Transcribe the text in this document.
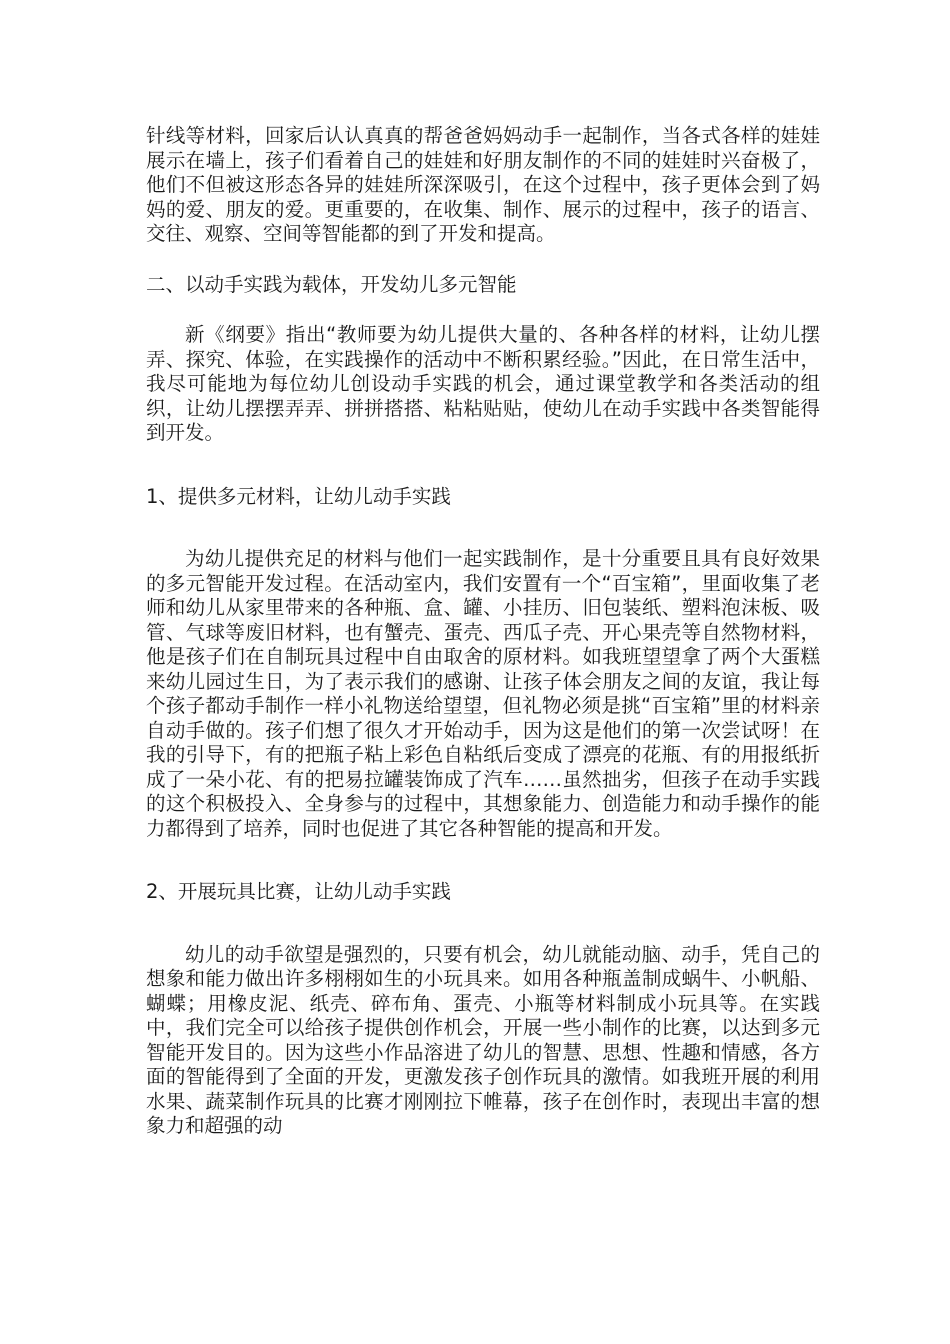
针线等材料，回家后认认真真的帮爸爸妈妈动手一起制作，当各式各样的娃娃展示在墙上，孩子们看着自己的娃娃和好朋友制作的不同的娃娃时兴奋极了，他们不但被这形态各异的娃娃所深深吸引，在这个过程中，孩子更体会到了妈妈的爱、朋友的爱。更重要的，在收集、制作、展示的过程中，孩子的语言、交往、观察、空间等智能都的到了开发和提高。

二、以动手实践为载体，开发幼儿多元智能

新《纲要》指出“教师要为幼儿提供大量的、各种各样的材料，让幼儿摆弄、探究、体验，在实践操作的活动中不断积累经验。”因此，在日常生活中，我尽可能地为每位幼儿创设动手实践的机会，通过课堂教学和各类活动的组织，让幼儿摆摆弄弄、拼拼搭搭、粘粘贴贴，使幼儿在动手实践中各类智能得到开发。

1、提供多元材料，让幼儿动手实践

为幼儿提供充足的材料与他们一起实践制作，是十分重要且具有良好效果的多元智能开发过程。在活动室内，我们安置有一个“百宝箱”，里面收集了老师和幼儿从家里带来的各种瓶、盒、罐、小挂历、旧包装纸、塑料泡沫板、吸管、气球等废旧材料，也有蟹壳、蛋壳、西瓜子壳、开心果壳等自然物材料，他是孩子们在自制玩具过程中自由取舍的原材料。如我班望望拿了两个大蛋糕来幼儿园过生日，为了表示我们的感谢、让孩子体会朋友之间的友谊，我让每个孩子都动手制作一样小礼物送给望望，但礼物必须是挑“百宝箱”里的材料亲自动手做的。孩子们想了很久才开始动手，因为这是他们的第一次尝试呀！在我的引导下，有的把瓶子粘上彩色自粘纸后变成了漂亮的花瓶、有的用报纸折成了一朵小花、有的把易拉罐装饰成了汽车……虽然拙劣，但孩子在动手实践的这个积极投入、全身参与的过程中，其想象能力、创造能力和动手操作的能力都得到了培养，同时也促进了其它各种智能的提高和开发。

2、开展玩具比赛，让幼儿动手实践

幼儿的动手欲望是强烈的，只要有机会，幼儿就能动脑、动手，凭自己的想象和能力做出许多栩栩如生的小玩具来。如用各种瓶盖制成蜗牛、小帆船、蝴蝶；用橡皮泥、纸壳、碎布角、蛋壳、小瓶等材料制成小玩具等。在实践中，我们完全可以给孩子提供创作机会，开展一些小制作的比赛，以达到多元智能开发目的。因为这些小作品溶进了幼儿的智慧、思想、性趣和情感，各方面的智能得到了全面的开发，更激发孩子创作玩具的激情。如我班开展的利用水果、蔬菜制作玩具的比赛才刚刚拉下帷幕，孩子在创作时，表现出丰富的想象力和超强的动
